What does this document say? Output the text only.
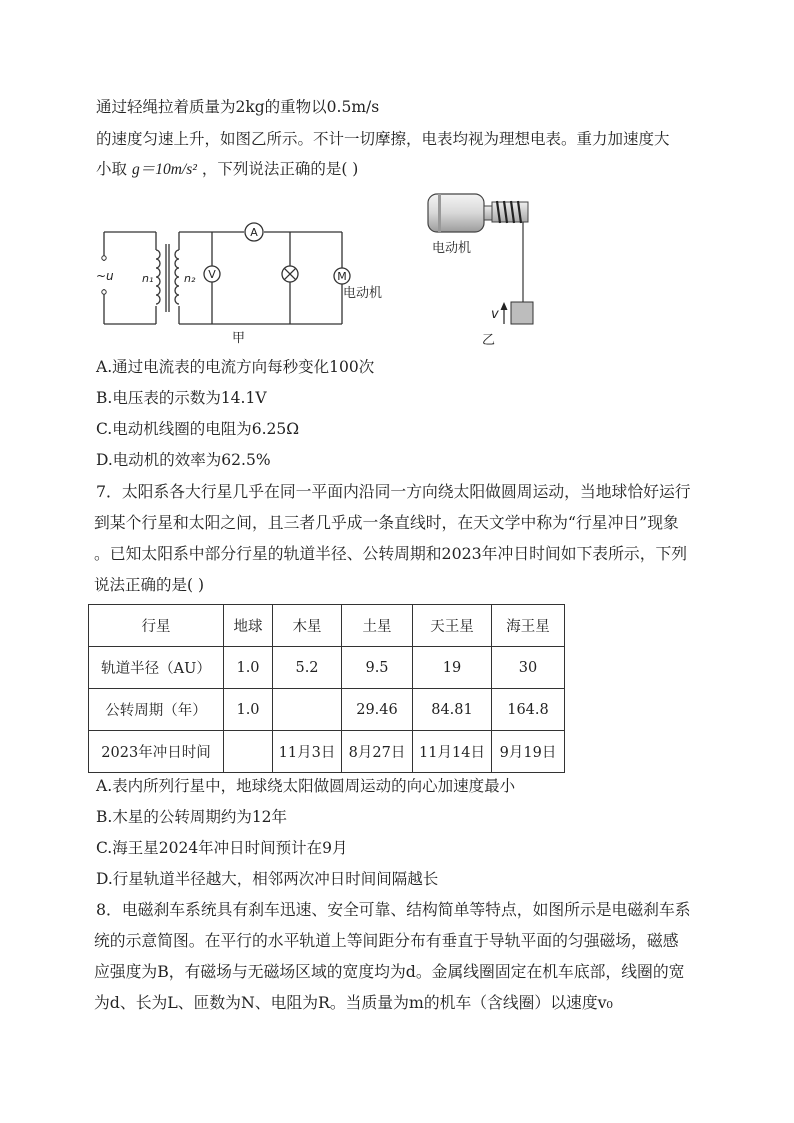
通过轻绳拉着质量为2kg的重物以0.5m/s
的速度匀速上升，如图乙所示。不计一切摩擦，电表均视为理想电表。重力加速度大
小取 g＝10m/s² ，下列说法正确的是( )
~u	n₁	n₂
A
V	M
电动机
甲
电动机
v
乙
A.通过电流表的电流方向每秒变化100次
B.电压表的示数为14.1V
C.电动机线圈的电阻为6.25Ω
D.电动机的效率为62.5%
7．太阳系各大行星几乎在同一平面内沿同一方向绕太阳做圆周运动，当地球恰好运行
到某个行星和太阳之间，且三者几乎成一条直线时，在天文学中称为“行星冲日”现象
。已知太阳系中部分行星的轨道半径、公转周期和2023年冲日时间如下表所示，下列
说法正确的是( )
行星	地球	木星	土星	天王星	海王星
轨道半径（AU）	1.0	5.2	9.5	19	30
公转周期（年）	1.0		29.46	84.81	164.8
2023年冲日时间		11月3日	8月27日	11月14日	9月19日
A.表内所列行星中，地球绕太阳做圆周运动的向心加速度最小
B.木星的公转周期约为12年
C.海王星2024年冲日时间预计在9月
D.行星轨道半径越大，相邻两次冲日时间间隔越长
8．电磁刹车系统具有刹车迅速、安全可靠、结构简单等特点，如图所示是电磁刹车系
统的示意简图。在平行的水平轨道上等间距分布有垂直于导轨平面的匀强磁场，磁感
应强度为B，有磁场与无磁场区域的宽度均为d。金属线圈固定在机车底部，线圈的宽
为d、长为L、匝数为N、电阻为R。当质量为m的机车（含线圈）以速度v₀
